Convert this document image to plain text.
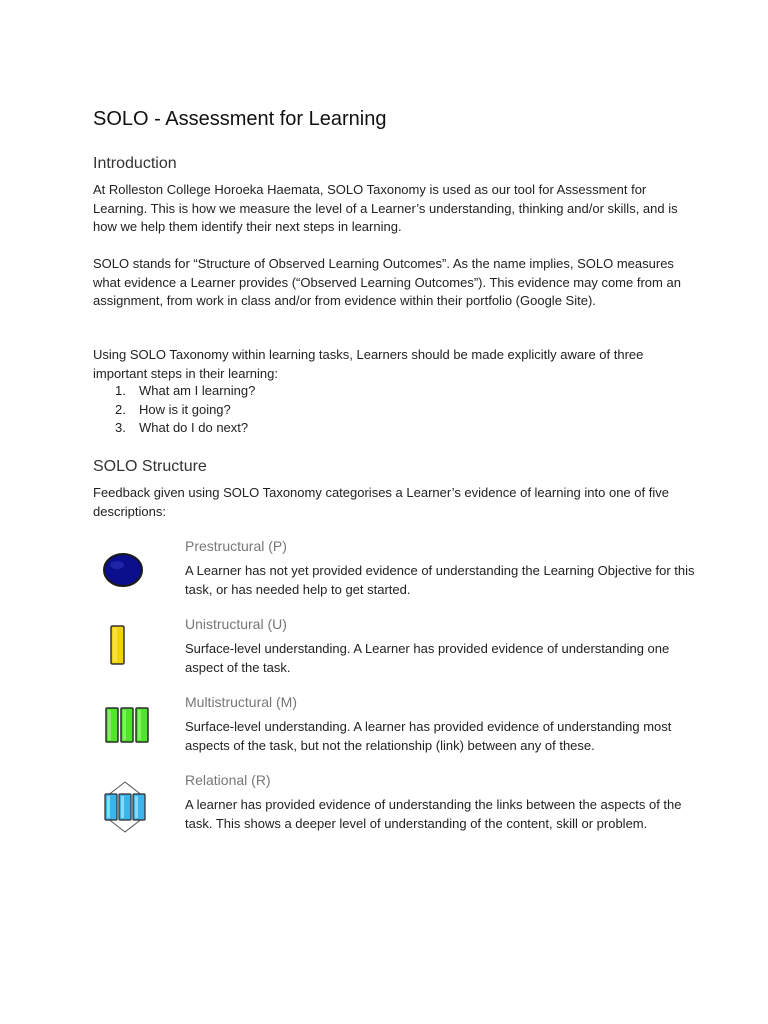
SOLO - Assessment for Learning
Introduction

At Rolleston College Horoeka Haemata, SOLO Taxonomy is used as our tool for Assessment for Learning. This is how we measure the level of a Learner’s understanding, thinking and/or skills, and is how we help them identify their next steps in learning.

SOLO stands for “Structure of Observed Learning Outcomes”. As the name implies, SOLO measures what evidence a Learner provides (“Observed Learning Outcomes”). This evidence may come from an assignment, from work in class and/or from evidence within their portfolio (Google Site).

Using SOLO Taxonomy within learning tasks, Learners should be made explicitly aware of three important steps in their learning:

1. What am I learning?
2. How is it going?
3. What do I do next?
SOLO Structure

Feedback given using SOLO Taxonomy categorises a Learner’s evidence of learning into one of five descriptions:

Prestructural (P)
A Learner has not yet provided evidence of understanding the Learning Objective for this task, or has needed help to get started.
Unistructural (U)
Surface-level understanding. A Learner has provided evidence of understanding one aspect of the task.
Multistructural (M)
Surface-level understanding. A learner has provided evidence of understanding most aspects of the task, but not the relationship (link) between any of these.
Relational (R)
A learner has provided evidence of understanding the links between the aspects of the task. This shows a deeper level of understanding of the content, skill or problem.
